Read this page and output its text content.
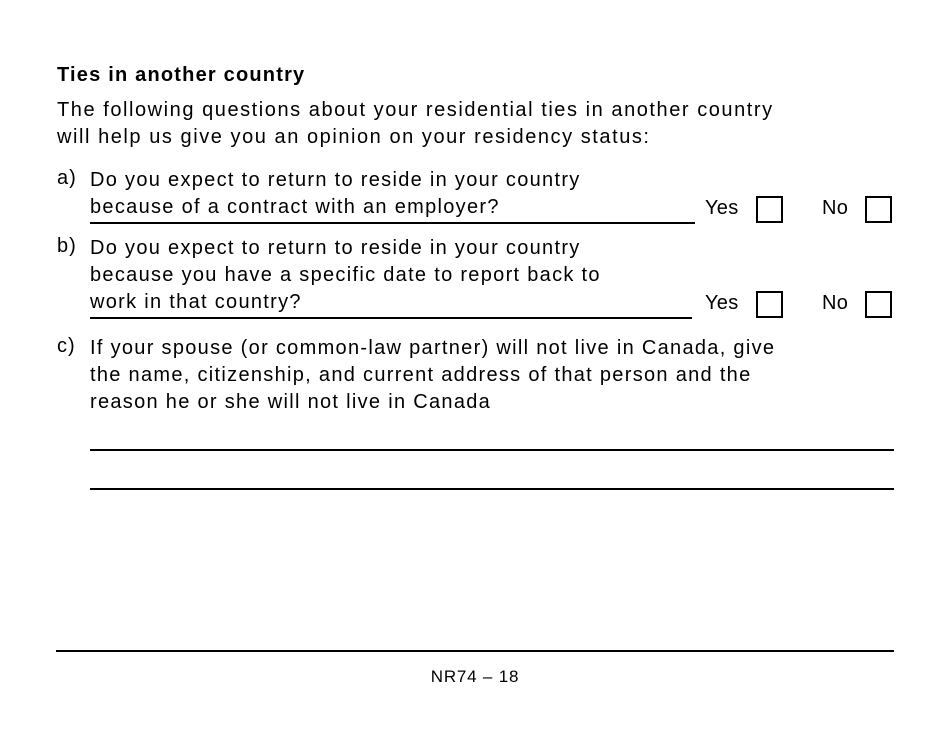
Ties in another country

The following questions about your residential ties in another country
will help us give you an opinion on your residency status:

a) Do you expect to return to reside in your country
because of a contract with an employer?	Yes	No
b) Do you expect to return to reside in your country
because you have a specific date to report back to
work in that country?	Yes	No
c) If your spouse (or common-law partner) will not live in Canada, give
the name, citizenship, and current address of that person and the
reason he or she will not live in Canada
NR74 – 18
